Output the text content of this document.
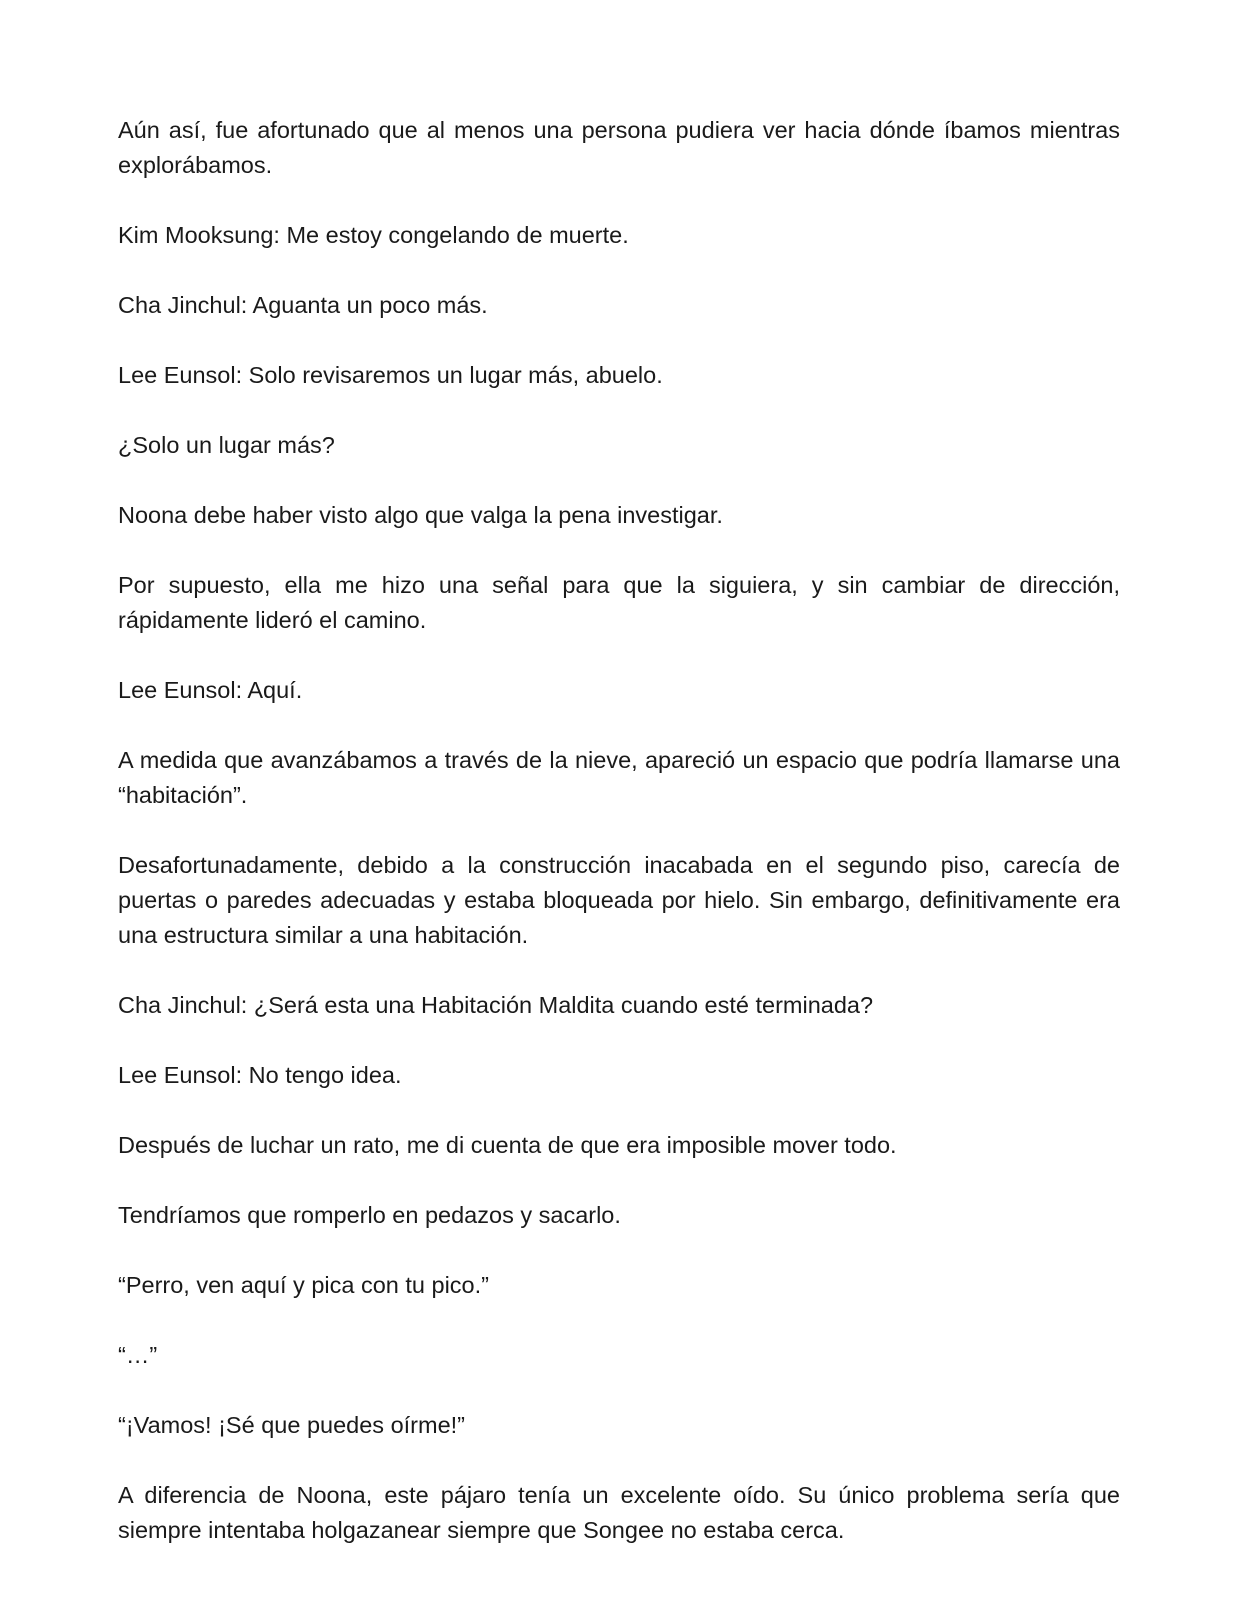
Aún así, fue afortunado que al menos una persona pudiera ver hacia dónde íbamos mientras explorábamos.

Kim Mooksung: Me estoy congelando de muerte.

Cha Jinchul: Aguanta un poco más.

Lee Eunsol: Solo revisaremos un lugar más, abuelo.

¿Solo un lugar más?

Noona debe haber visto algo que valga la pena investigar.

Por supuesto, ella me hizo una señal para que la siguiera, y sin cambiar de dirección, rápidamente lideró el camino.

Lee Eunsol: Aquí.

A medida que avanzábamos a través de la nieve, apareció un espacio que podría llamarse una “habitación”.

Desafortunadamente, debido a la construcción inacabada en el segundo piso, carecía de puertas o paredes adecuadas y estaba bloqueada por hielo. Sin embargo, definitivamente era una estructura similar a una habitación.

Cha Jinchul: ¿Será esta una Habitación Maldita cuando esté terminada?

Lee Eunsol: No tengo idea.

Después de luchar un rato, me di cuenta de que era imposible mover todo.

Tendríamos que romperlo en pedazos y sacarlo.

“Perro, ven aquí y pica con tu pico.”

“…”

“¡Vamos! ¡Sé que puedes oírme!”

A diferencia de Noona, este pájaro tenía un excelente oído. Su único problema sería que siempre intentaba holgazanear siempre que Songee no estaba cerca.
